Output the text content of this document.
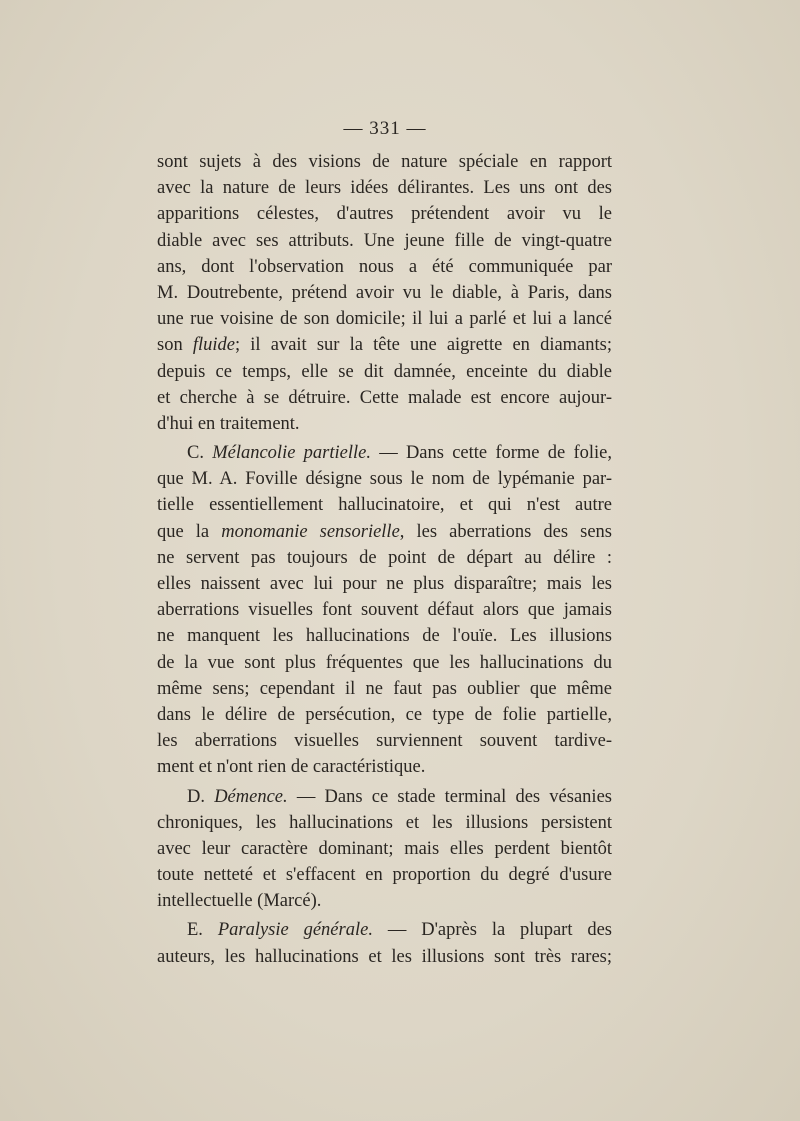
— 331 —
sont sujets à des visions de nature spéciale en rapport
avec la nature de leurs idées délirantes. Les uns ont des
apparitions célestes, d'autres prétendent avoir vu le
diable avec ses attributs. Une jeune fille de vingt-quatre
ans, dont l'observation nous a été communiquée par
M. Doutrebente, prétend avoir vu le diable, à Paris, dans
une rue voisine de son domicile; il lui a parlé et lui a lancé
son fluide; il avait sur la tête une aigrette en diamants;
depuis ce temps, elle se dit damnée, enceinte du diable
et cherche à se détruire. Cette malade est encore aujour-
d'hui en traitement.
C. Mélancolie partielle. — Dans cette forme de folie,
que M. A. Foville désigne sous le nom de lypémanie par-
tielle essentiellement hallucinatoire, et qui n'est autre
que la monomanie sensorielle, les aberrations des sens
ne servent pas toujours de point de départ au délire :
elles naissent avec lui pour ne plus disparaître; mais les
aberrations visuelles font souvent défaut alors que jamais
ne manquent les hallucinations de l'ouïe. Les illusions
de la vue sont plus fréquentes que les hallucinations du
même sens; cependant il ne faut pas oublier que même
dans le délire de persécution, ce type de folie partielle,
les aberrations visuelles surviennent souvent tardive-
ment et n'ont rien de caractéristique.
D. Démence. — Dans ce stade terminal des vésanies
chroniques, les hallucinations et les illusions persistent
avec leur caractère dominant; mais elles perdent bientôt
toute netteté et s'effacent en proportion du degré d'usure
intellectuelle (Marcé).
E. Paralysie générale. — D'après la plupart des
auteurs, les hallucinations et les illusions sont très rares;
